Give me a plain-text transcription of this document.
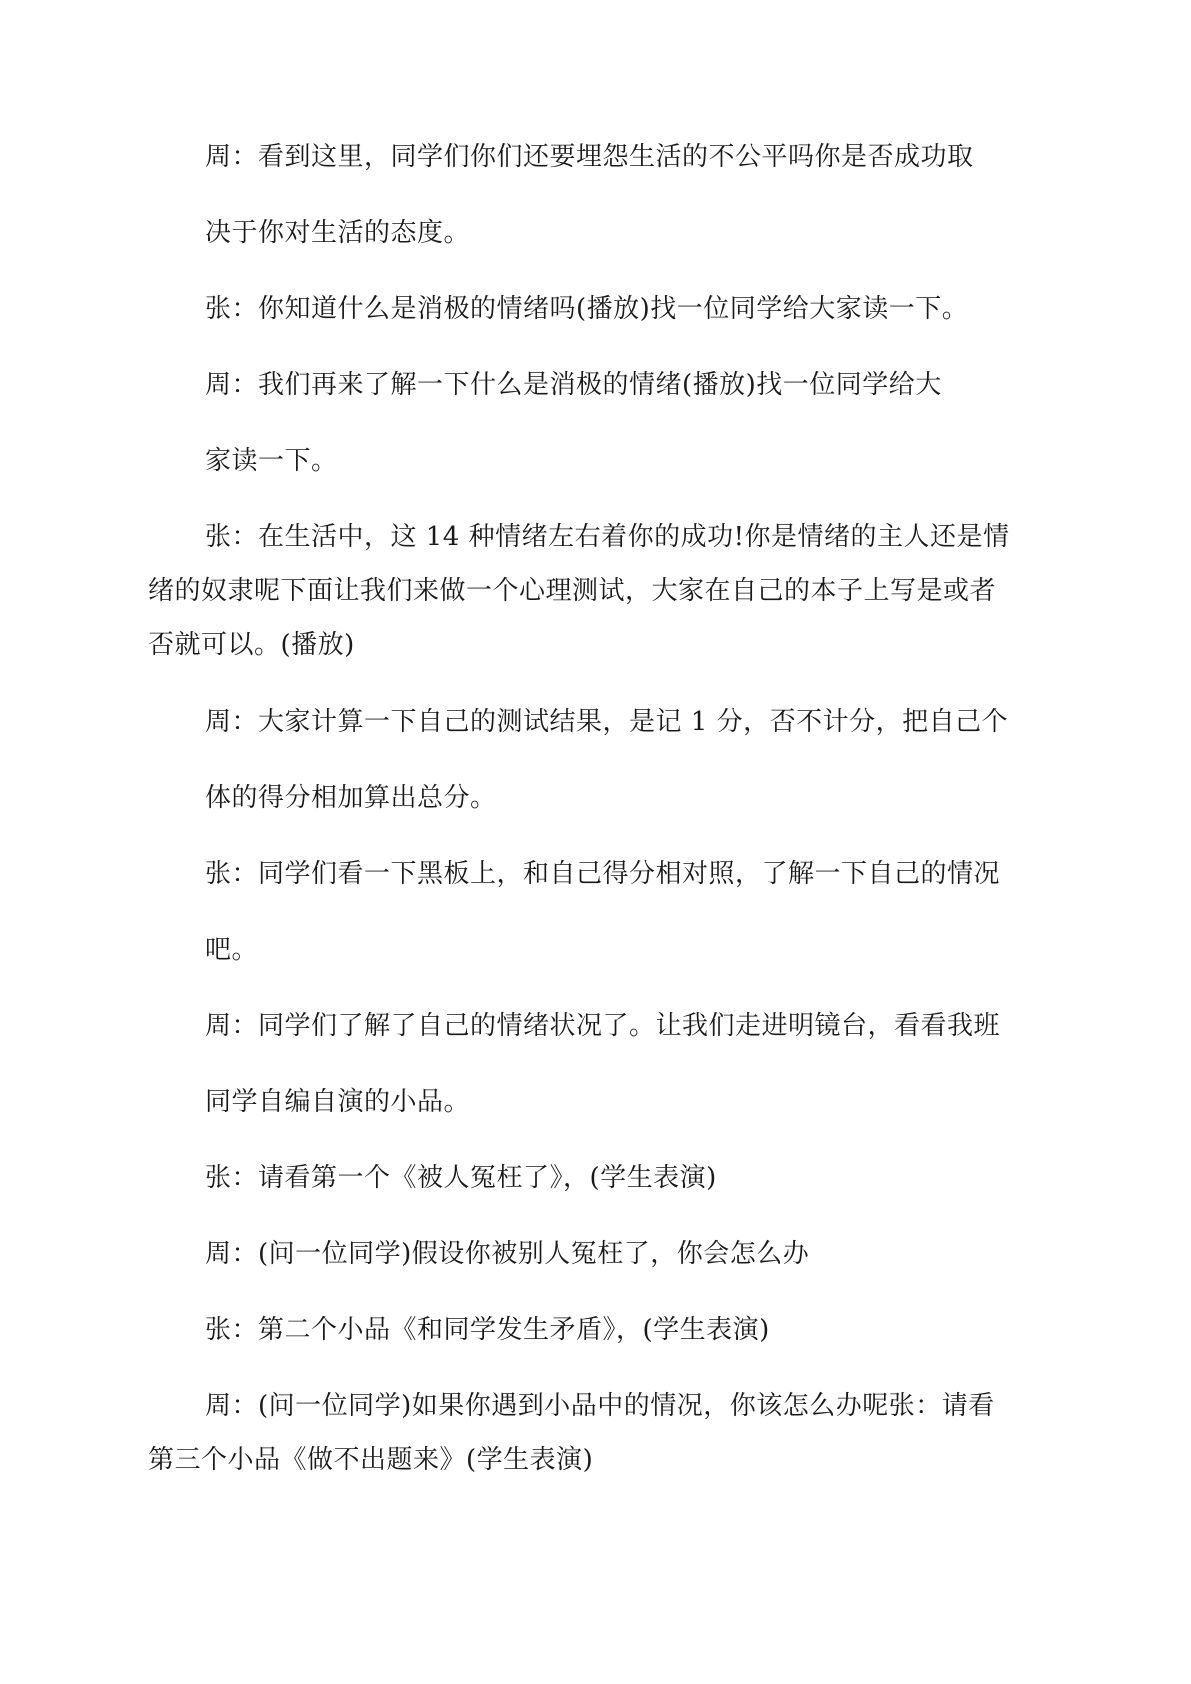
周：看到这里，同学们你们还要埋怨生活的不公平吗你是否成功取
决于你对生活的态度。
张：你知道什么是消极的情绪吗(播放)找一位同学给大家读一下。
周：我们再来了解一下什么是消极的情绪(播放)找一位同学给大
家读一下。
张：在生活中，这 14 种情绪左右着你的成功!你是情绪的主人还是情
绪的奴隶呢下面让我们来做一个心理测试，大家在自己的本子上写是或者
否就可以。(播放)
周：大家计算一下自己的测试结果，是记 1 分，否不计分，把自己个
体的得分相加算出总分。
张：同学们看一下黑板上，和自己得分相对照，了解一下自己的情况
吧。
周：同学们了解了自己的情绪状况了。让我们走进明镜台，看看我班
同学自编自演的小品。
张：请看第一个《被人冤枉了》，(学生表演)
周：(问一位同学)假设你被别人冤枉了，你会怎么办
张：第二个小品《和同学发生矛盾》，(学生表演)
周：(问一位同学)如果你遇到小品中的情况，你该怎么办呢张：请看
第三个小品《做不出题来》(学生表演)
